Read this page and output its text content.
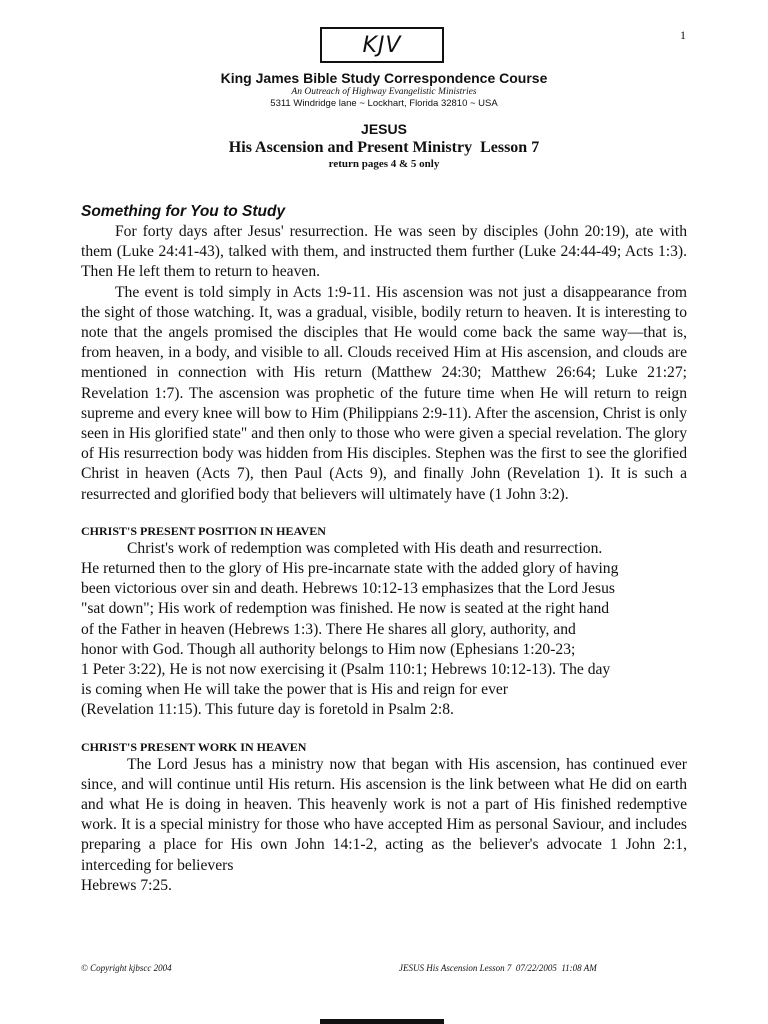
1
KJV
King James Bible Study Correspondence Course
An Outreach of Highway Evangelistic Ministries
5311 Windridge lane ~ Lockhart, Florida 32810 ~ USA
JESUS
His Ascension and Present Ministry  Lesson 7
return pages 4 & 5 only
Something for You to Study

For forty days after Jesus' resurrection. He was seen by disciples (John 20:19), ate with them (Luke 24:41-43), talked with them, and instructed them further (Luke 24:44-49; Acts 1:3). Then He left them to return to heaven.

The event is told simply in Acts 1:9-11. His ascension was not just a disappearance from the sight of those watching. It, was a gradual, visible, bodily return to heaven. It is interesting to note that the angels promised the disciples that He would come back the same way—that is, from heaven, in a body, and visible to all. Clouds received Him at His ascension, and clouds are mentioned in connection with His return (Matthew 24:30; Matthew 26:64; Luke 21:27; Revelation 1:7). The ascension was prophetic of the future time when He will return to reign supreme and every knee will bow to Him (Philippians 2:9-11). After the ascension, Christ is only seen in His glorified state" and then only to those who were given a special revelation. The glory of His resurrection body was hidden from His disciples. Stephen was the first to see the glorified Christ in heaven (Acts 7), then Paul (Acts 9), and finally John (Revelation 1). It is such a resurrected and glorified body that believers will ultimately have (1 John 3:2).

CHRIST'S PRESENT POSITION IN HEAVEN
Christ's work of redemption was completed with His death and resurrection.
He returned then to the glory of His pre-incarnate state with the added glory of having
been victorious over sin and death. Hebrews 10:12-13 emphasizes that the Lord Jesus
"sat down"; His work of redemption was finished. He now is seated at the right hand
of the Father in heaven (Hebrews 1:3). There He shares all glory, authority, and
honor with God. Though all authority belongs to Him now (Ephesians 1:20-23;
1 Peter 3:22), He is not now exercising it (Psalm 110:1; Hebrews 10:12-13). The day
is coming when He will take the power that is His and reign for ever
(Revelation 11:15). This future day is foretold in Psalm 2:8.
CHRIST'S PRESENT WORK IN HEAVEN

The Lord Jesus has a ministry now that began with His ascension, has continued ever since, and will continue until His return. His ascension is the link between what He did on earth and what He is doing in heaven. This heavenly work is not a part of His finished redemptive work. It is a special ministry for those who have accepted Him as personal Saviour, and includes preparing a place for His own John 14:1-2, acting as the believer's advocate 1 John 2:1, interceding for believers

Hebrews 7:25.

© Copyright kjbscc 2004	JESUS His Ascension Lesson 7  07/22/2005  11:08 AM
